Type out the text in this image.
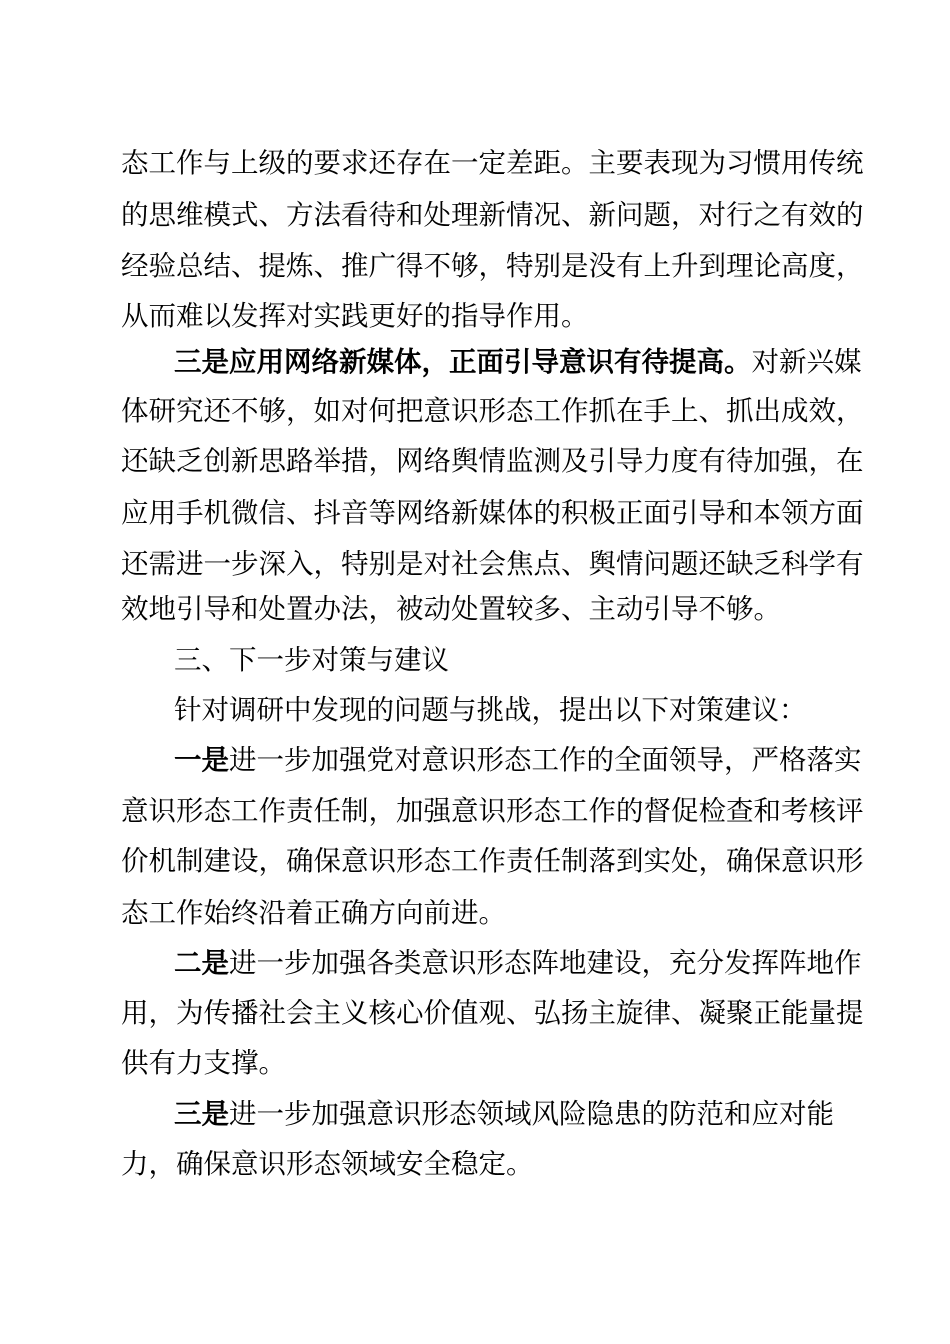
态工作与上级的要求还存在一定差距。主要表现为习惯用传统
的思维模式、方法看待和处理新情况、新问题，对行之有效的
经验总结、提炼、推广得不够，特别是没有上升到理论高度，
从而难以发挥对实践更好的指导作用。
三是应用网络新媒体，正面引导意识有待提高。对新兴媒
体研究还不够，如对何把意识形态工作抓在手上、抓出成效，
还缺乏创新思路举措，网络舆情监测及引导力度有待加强，在
应用手机微信、抖音等网络新媒体的积极正面引导和本领方面
还需进一步深入，特别是对社会焦点、舆情问题还缺乏科学有
效地引导和处置办法，被动处置较多、主动引导不够。
三、下一步对策与建议
针对调研中发现的问题与挑战，提出以下对策建议：
一是进一步加强党对意识形态工作的全面领导，严格落实
意识形态工作责任制，加强意识形态工作的督促检查和考核评
价机制建设，确保意识形态工作责任制落到实处，确保意识形
态工作始终沿着正确方向前进。
二是进一步加强各类意识形态阵地建设，充分发挥阵地作
用，为传播社会主义核心价值观、弘扬主旋律、凝聚正能量提
供有力支撑。
三是进一步加强意识形态领域风险隐患的防范和应对能
力，确保意识形态领域安全稳定。
